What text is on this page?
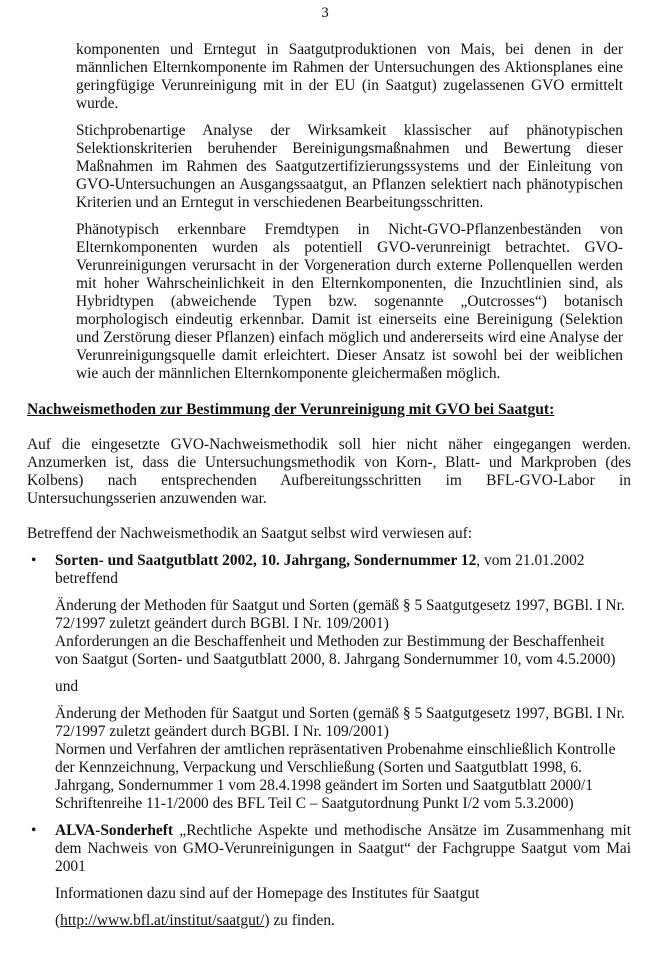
3

komponenten und Erntegut in Saatgutproduktionen von Mais, bei denen in der männlichen Elternkomponente im Rahmen der Untersuchungen des Aktionsplanes eine geringfügige Verunreinigung mit in der EU (in Saatgut) zugelassenen GVO ermittelt wurde.

Stichprobenartige Analyse der Wirksamkeit klassischer auf phänotypischen Selektionskriterien beruhender Bereinigungsmaßnahmen und Bewertung dieser Maßnahmen im Rahmen des Saatgutzertifizierungssystems und der Einleitung von GVO-Untersuchungen an Ausgangssaatgut, an Pflanzen selektiert nach phänotypischen Kriterien und an Erntegut in verschiedenen Bearbeitungsschritten.

Phänotypisch erkennbare Fremdtypen in Nicht-GVO-Pflanzenbeständen von Elternkomponenten wurden als potentiell GVO-verunreinigt betrachtet. GVO-Verunreinigungen verursacht in der Vorgeneration durch externe Pollenquellen werden mit hoher Wahrscheinlichkeit in den Elternkomponenten, die Inzuchtlinien sind, als Hybridtypen (abweichende Typen bzw. sogenannte „Outcrosses“) botanisch morphologisch eindeutig erkennbar. Damit ist einerseits eine Bereinigung (Selektion und Zerstörung dieser Pflanzen) einfach möglich und andererseits wird eine Analyse der Verunreinigungsquelle damit erleichtert. Dieser Ansatz ist sowohl bei der weiblichen wie auch der männlichen Elternkomponente gleichermaßen möglich.

Nachweismethoden zur Bestimmung der Verunreinigung mit GVO bei Saatgut:

Auf die eingesetzte GVO-Nachweismethodik soll hier nicht näher eingegangen werden. Anzumerken ist, dass die Untersuchungsmethodik von Korn-, Blatt- und Markproben (des Kolbens) nach entsprechenden Aufbereitungsschritten im BFL-GVO-Labor in Untersuchungsserien anzuwenden war.

Betreffend der Nachweismethodik an Saatgut selbst wird verwiesen auf:

• Sorten- und Saatgutblatt 2002, 10. Jahrgang, Sondernummer 12, vom 21.01.2002 betreffend

Änderung der Methoden für Saatgut und Sorten (gemäß § 5 Saatgutgesetz 1997, BGBl. I Nr. 72/1997 zuletzt geändert durch BGBl. I Nr. 109/2001)
Anforderungen an die Beschaffenheit und Methoden zur Bestimmung der Beschaffenheit von Saatgut (Sorten- und Saatgutblatt 2000, 8. Jahrgang Sondernummer 10, vom 4.5.2000)

und

Änderung der Methoden für Saatgut und Sorten (gemäß § 5 Saatgutgesetz 1997, BGBl. I Nr. 72/1997 zuletzt geändert durch BGBl. I Nr. 109/2001)
Normen und Verfahren der amtlichen repräsentativen Probenahme einschließlich Kontrolle der Kennzeichnung, Verpackung und Verschließung (Sorten und Saatgutblatt 1998, 6. Jahrgang, Sondernummer 1 vom 28.4.1998 geändert im Sorten und Saatgutblatt 2000/1 Schriftenreihe 11-1/2000 des BFL Teil C – Saatgutordnung Punkt I/2 vom 5.3.2000)

• ALVA-Sonderheft „Rechtliche Aspekte und methodische Ansätze im Zusammenhang mit dem Nachweis von GMO-Verunreinigungen in Saatgut“ der Fachgruppe Saatgut vom Mai 2001

Informationen dazu sind auf der Homepage des Institutes für Saatgut

(http://www.bfl.at/institut/saatgut/) zu finden.
